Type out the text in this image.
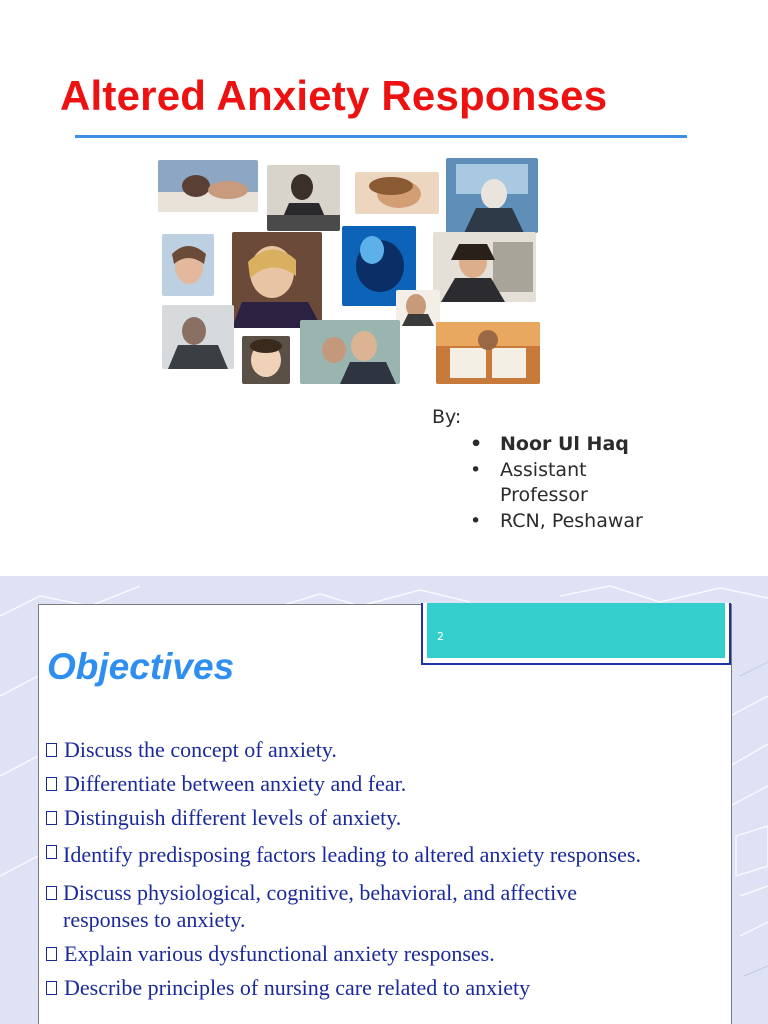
Altered Anxiety Responses

By:

• Noor Ul Haq
• Assistant Professor
• RCN, Peshawar
2
Objectives
Discuss the concept of anxiety.
Differentiate between anxiety and fear.
Distinguish different levels of anxiety.
Identify predisposing factors leading to altered anxiety responses.
Discuss physiological, cognitive, behavioral, and affective responses to anxiety.
Explain various dysfunctional anxiety responses.
Describe principles of nursing care related to anxiety
